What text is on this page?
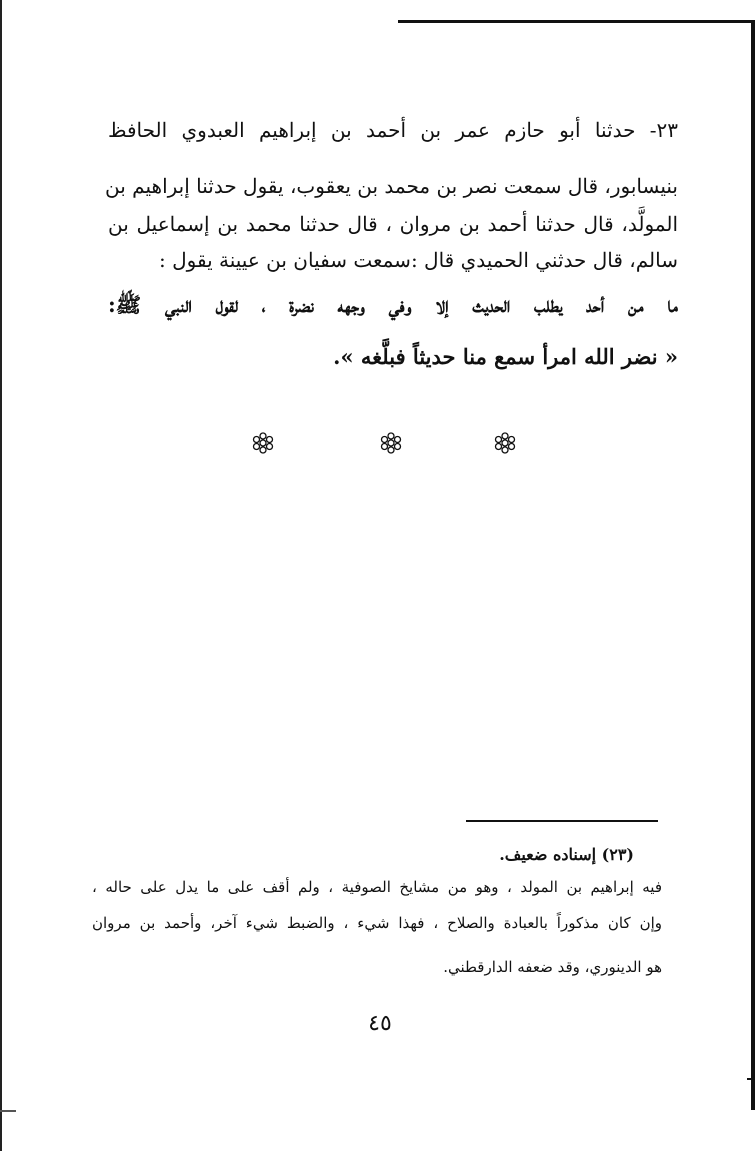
٢٣- حدثنا أبو حازم عمر بن أحمد بن إبراهيم العبدوي الحافظ
بنيسابور، قال سمعت نصر بن محمد بن يعقوب، يقول حدثنا إبراهيم بن
المولَّد، قال حدثنا أحمد بن مروان ، قال حدثنا محمد بن إسماعيل بن
سالم، قال حدثني الحميدي قال :سمعت سفيان بن عيينة يقول :
ما من أحد يطلب الحديث إلا وفي وجهه نضرة ، لقول النبي ﷺ:
« نضر الله امرأ سمع منا حديثاً فبلَّغه ».
(٢٣) إسناده ضعيف.
فيه إبراهيم بن المولد ، وهو من مشايخ الصوفية ، ولم أقف على ما يدل على حاله ،
وإن كان مذكوراً بالعبادة والصلاح ، فهذا شيء ، والضبط شيء آخر، وأحمد بن مروان
هو الدينوري، وقد ضعفه الدارقطني.
٤٥
